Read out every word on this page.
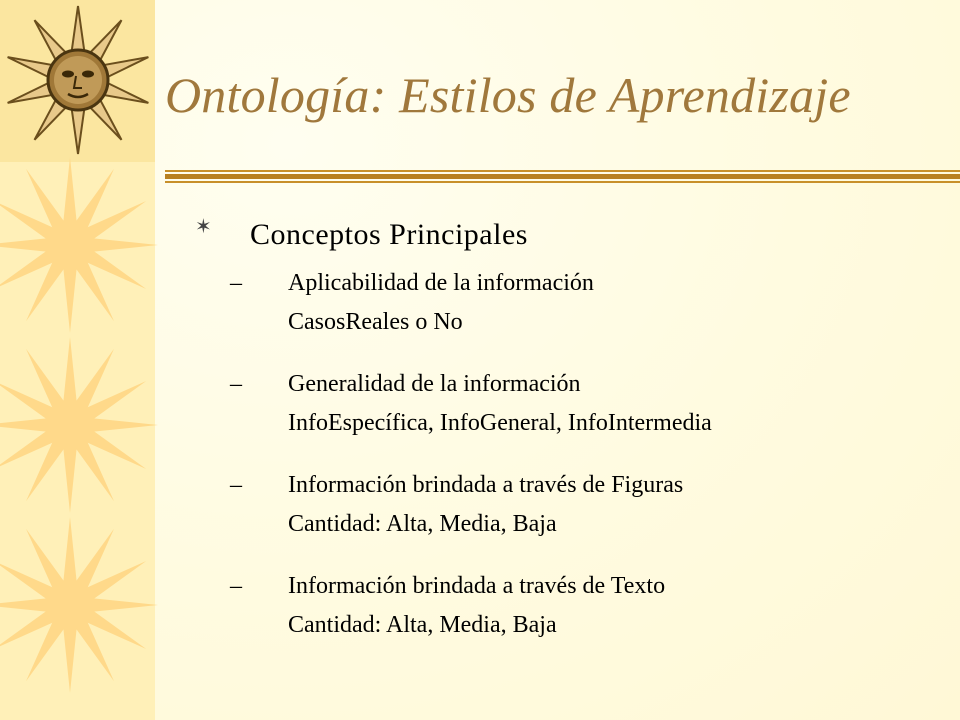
Ontología: Estilos de Aprendizaje
✶ Conceptos Principales
– Aplicabilidad de la información
CasosReales o No
– Generalidad de la información
InfoEspecífica, InfoGeneral, InfoIntermedia
– Información brindada a través de Figuras
Cantidad: Alta, Media, Baja
– Información brindada a través de Texto
Cantidad: Alta, Media, Baja
